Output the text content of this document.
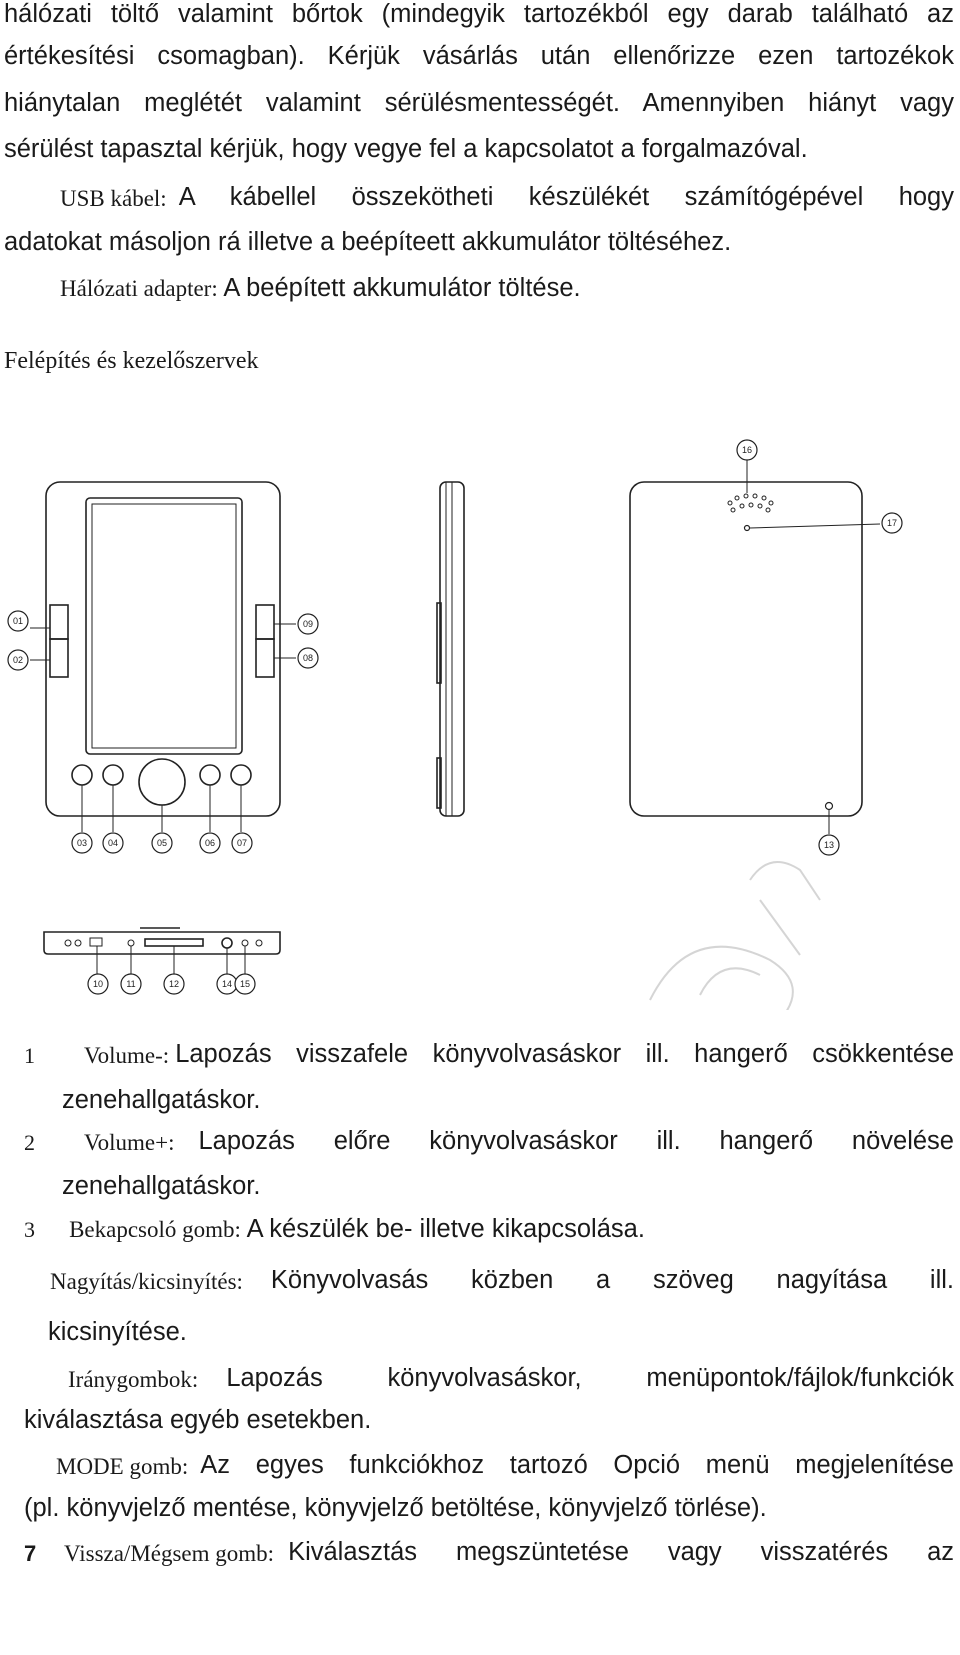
hálózati töltő valamint bőrtok (mindegyik tartozékból egy darab található az
értékesítési csomagban). Kérjük vásárlás után ellenőrizze ezen tartozékok
hiánytalan meglétét valamint sérülésmentességét. Amennyiben hiányt vagy
sérülést tapasztal kérjük, hogy vegye fel a kapcsolatot a forgalmazóval.
USB kábel: A kábellel összekötheti készülékét számítógépével hogy
adatokat másoljon rá illetve a beépíteett akkumulátor töltéséhez.
Hálózati adapter: A beépített akkumulátor töltése.
Felépítés és kezelőszervek
01
02
03 04	05	06 07
08
09
10	11	12
13
14 15
16
17
1	Volume-: Lapozás visszafele könyvolvasáskor ill. hangerő csökkentése
zenehallgatáskor.
2	Volume+: Lapozás előre könyvolvasáskor ill. hangerő növelése
zenehallgatáskor.
3 Bekapcsoló gomb: A készülék be- illetve kikapcsolása.
Nagyítás/kicsinyítés: Könyvolvasás közben a szöveg nagyítása ill.
kicsinyítése.
Iránygombok: Lapozás könyvolvasáskor, menüpontok/fájlok/funkciók
kiválasztása egyéb esetekben.
MODE gomb: Az egyes funkciókhoz tartozó Opció menü megjelenítése
(pl. könyvjelző mentése, könyvjelző betöltése, könyvjelző törlése).
7	Vissza/Mégsem gomb: Kiválasztás megszüntetése vagy visszatérés az
